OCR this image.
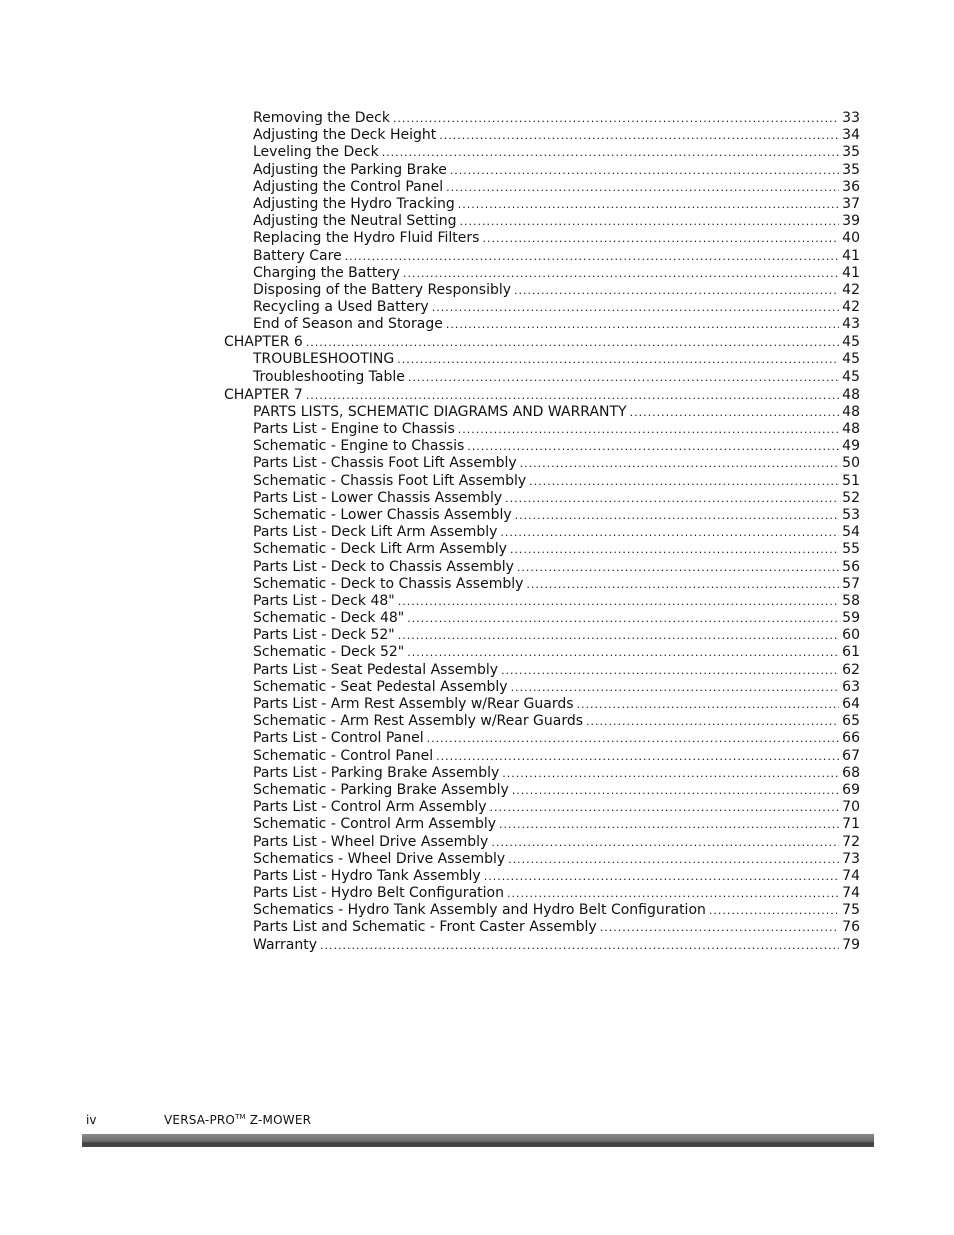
Removing the Deck .....	33
Adjusting the Deck Height .....	34
Leveling the Deck .....	35
Adjusting the Parking Brake .....	35
Adjusting the Control Panel .....	36
Adjusting the Hydro Tracking .....	37
Adjusting the Neutral Setting .....	39
Replacing the Hydro Fluid Filters .....	40
Battery Care .....	41
Charging the Battery .....	41
Disposing of the Battery Responsibly .....	42
Recycling a Used Battery .....	42
End of Season and Storage .....	43
CHAPTER 6 .....	45
TROUBLESHOOTING .....	45
Troubleshooting Table .....	45
CHAPTER 7 .....	48
PARTS LISTS, SCHEMATIC DIAGRAMS AND WARRANTY .....	48
Parts List - Engine to Chassis .....	48
Schematic - Engine to Chassis .....	49
Parts List - Chassis Foot Lift Assembly .....	50
Schematic - Chassis Foot Lift Assembly .....	51
Parts List - Lower Chassis Assembly .....	52
Schematic - Lower Chassis Assembly .....	53
Parts List - Deck Lift Arm Assembly .....	54
Schematic - Deck Lift Arm Assembly .....	55
Parts List - Deck to Chassis Assembly .....	56
Schematic - Deck to Chassis Assembly .....	57
Parts List - Deck 48" .....	58
Schematic - Deck 48" .....	59
Parts List - Deck 52" .....	60
Schematic - Deck 52" .....	61
Parts List - Seat Pedestal Assembly .....	62
Schematic - Seat Pedestal Assembly .....	63
Parts List - Arm Rest Assembly w/Rear Guards .....	64
Schematic - Arm Rest Assembly w/Rear Guards .....	65
Parts List - Control Panel .....	66
Schematic - Control Panel .....	67
Parts List - Parking Brake Assembly .....	68
Schematic - Parking Brake Assembly .....	69
Parts List - Control Arm Assembly .....	70
Schematic - Control Arm Assembly .....	71
Parts List - Wheel Drive Assembly .....	72
Schematics - Wheel Drive Assembly .....	73
Parts List - Hydro Tank Assembly .....	74
Parts List - Hydro Belt Configuration .....	74
Schematics - Hydro Tank Assembly and Hydro Belt Configuration .....	75
Parts List and Schematic - Front Caster Assembly .....	76
Warranty .....	79
iv	VERSA-PRO™ Z-MOWER
